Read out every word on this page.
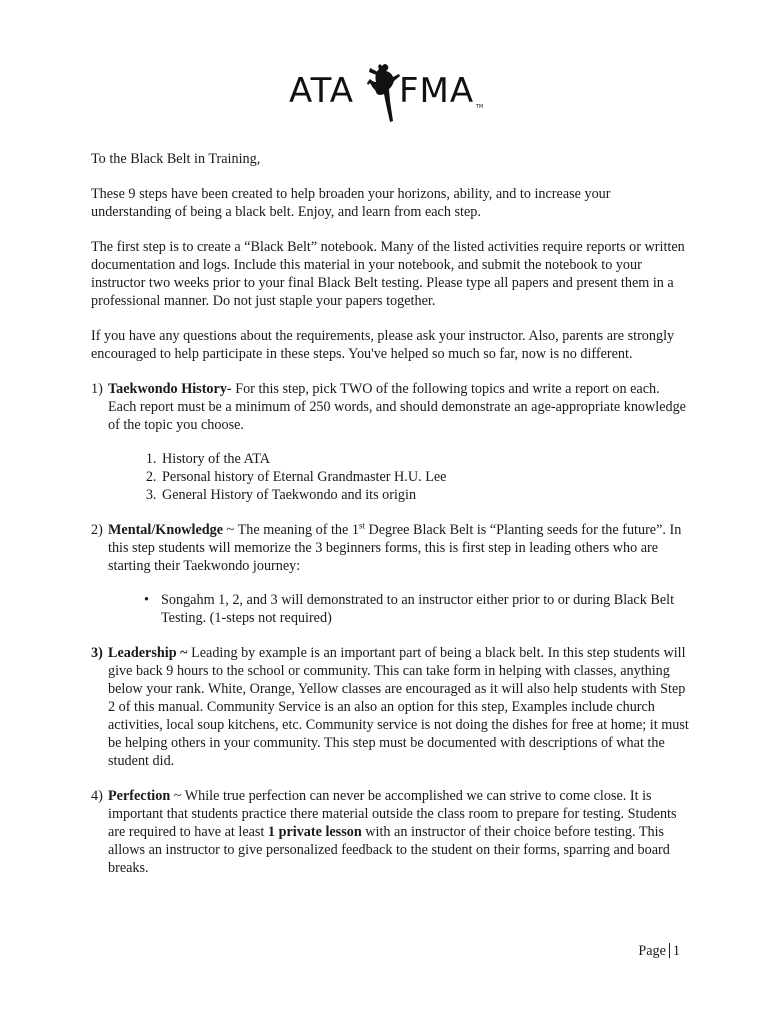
ATA FMA TM

To the Black Belt in Training,

These 9 steps have been created to help broaden your horizons, ability, and to increase your understanding of being a black belt. Enjoy, and learn from each step.

The first step is to create a “Black Belt” notebook. Many of the listed activities require reports or written documentation and logs. Include this material in your notebook, and submit the notebook to your instructor two weeks prior to your final Black Belt testing. Please type all papers and present them in a professional manner. Do not just staple your papers together.

If you have any questions about the requirements, please ask your instructor. Also, parents are strongly encouraged to help participate in these steps. You've helped so much so far, now is no different.

1) Taekwondo History- For this step, pick TWO of the following topics and write a report on each. Each report must be a minimum of 250 words, and should demonstrate an age-appropriate knowledge of the topic you choose.

1. History of the ATA
2. Personal history of Eternal Grandmaster H.U. Lee
3. General History of Taekwondo and its origin
2) Mental/Knowledge ~ The meaning of the 1st Degree Black Belt is “Planting seeds for the future”. In this step students will memorize the 3 beginners forms, this is first step in leading others who are starting their Taekwondo journey:

• Songahm 1, 2, and 3 will demonstrated to an instructor either prior to or during Black Belt Testing. (1-steps not required)
3) Leadership ~ Leading by example is an important part of being a black belt. In this step students will give back 9 hours to the school or community. This can take form in helping with classes, anything below your rank. White, Orange, Yellow classes are encouraged as it will also help students with Step 2 of this manual. Community Service is an also an option for this step, Examples include church activities, local soup kitchens, etc. Community service is not doing the dishes for free at home; it must be helping others in your community. This step must be documented with descriptions of what the student did.

4) Perfection ~ While true perfection can never be accomplished we can strive to come close. It is important that students practice there material outside the class room to prepare for testing. Students are required to have at least 1 private lesson with an instructor of their choice before testing. This allows an instructor to give personalized feedback to the student on their forms, sparring and board breaks.

Page 1
